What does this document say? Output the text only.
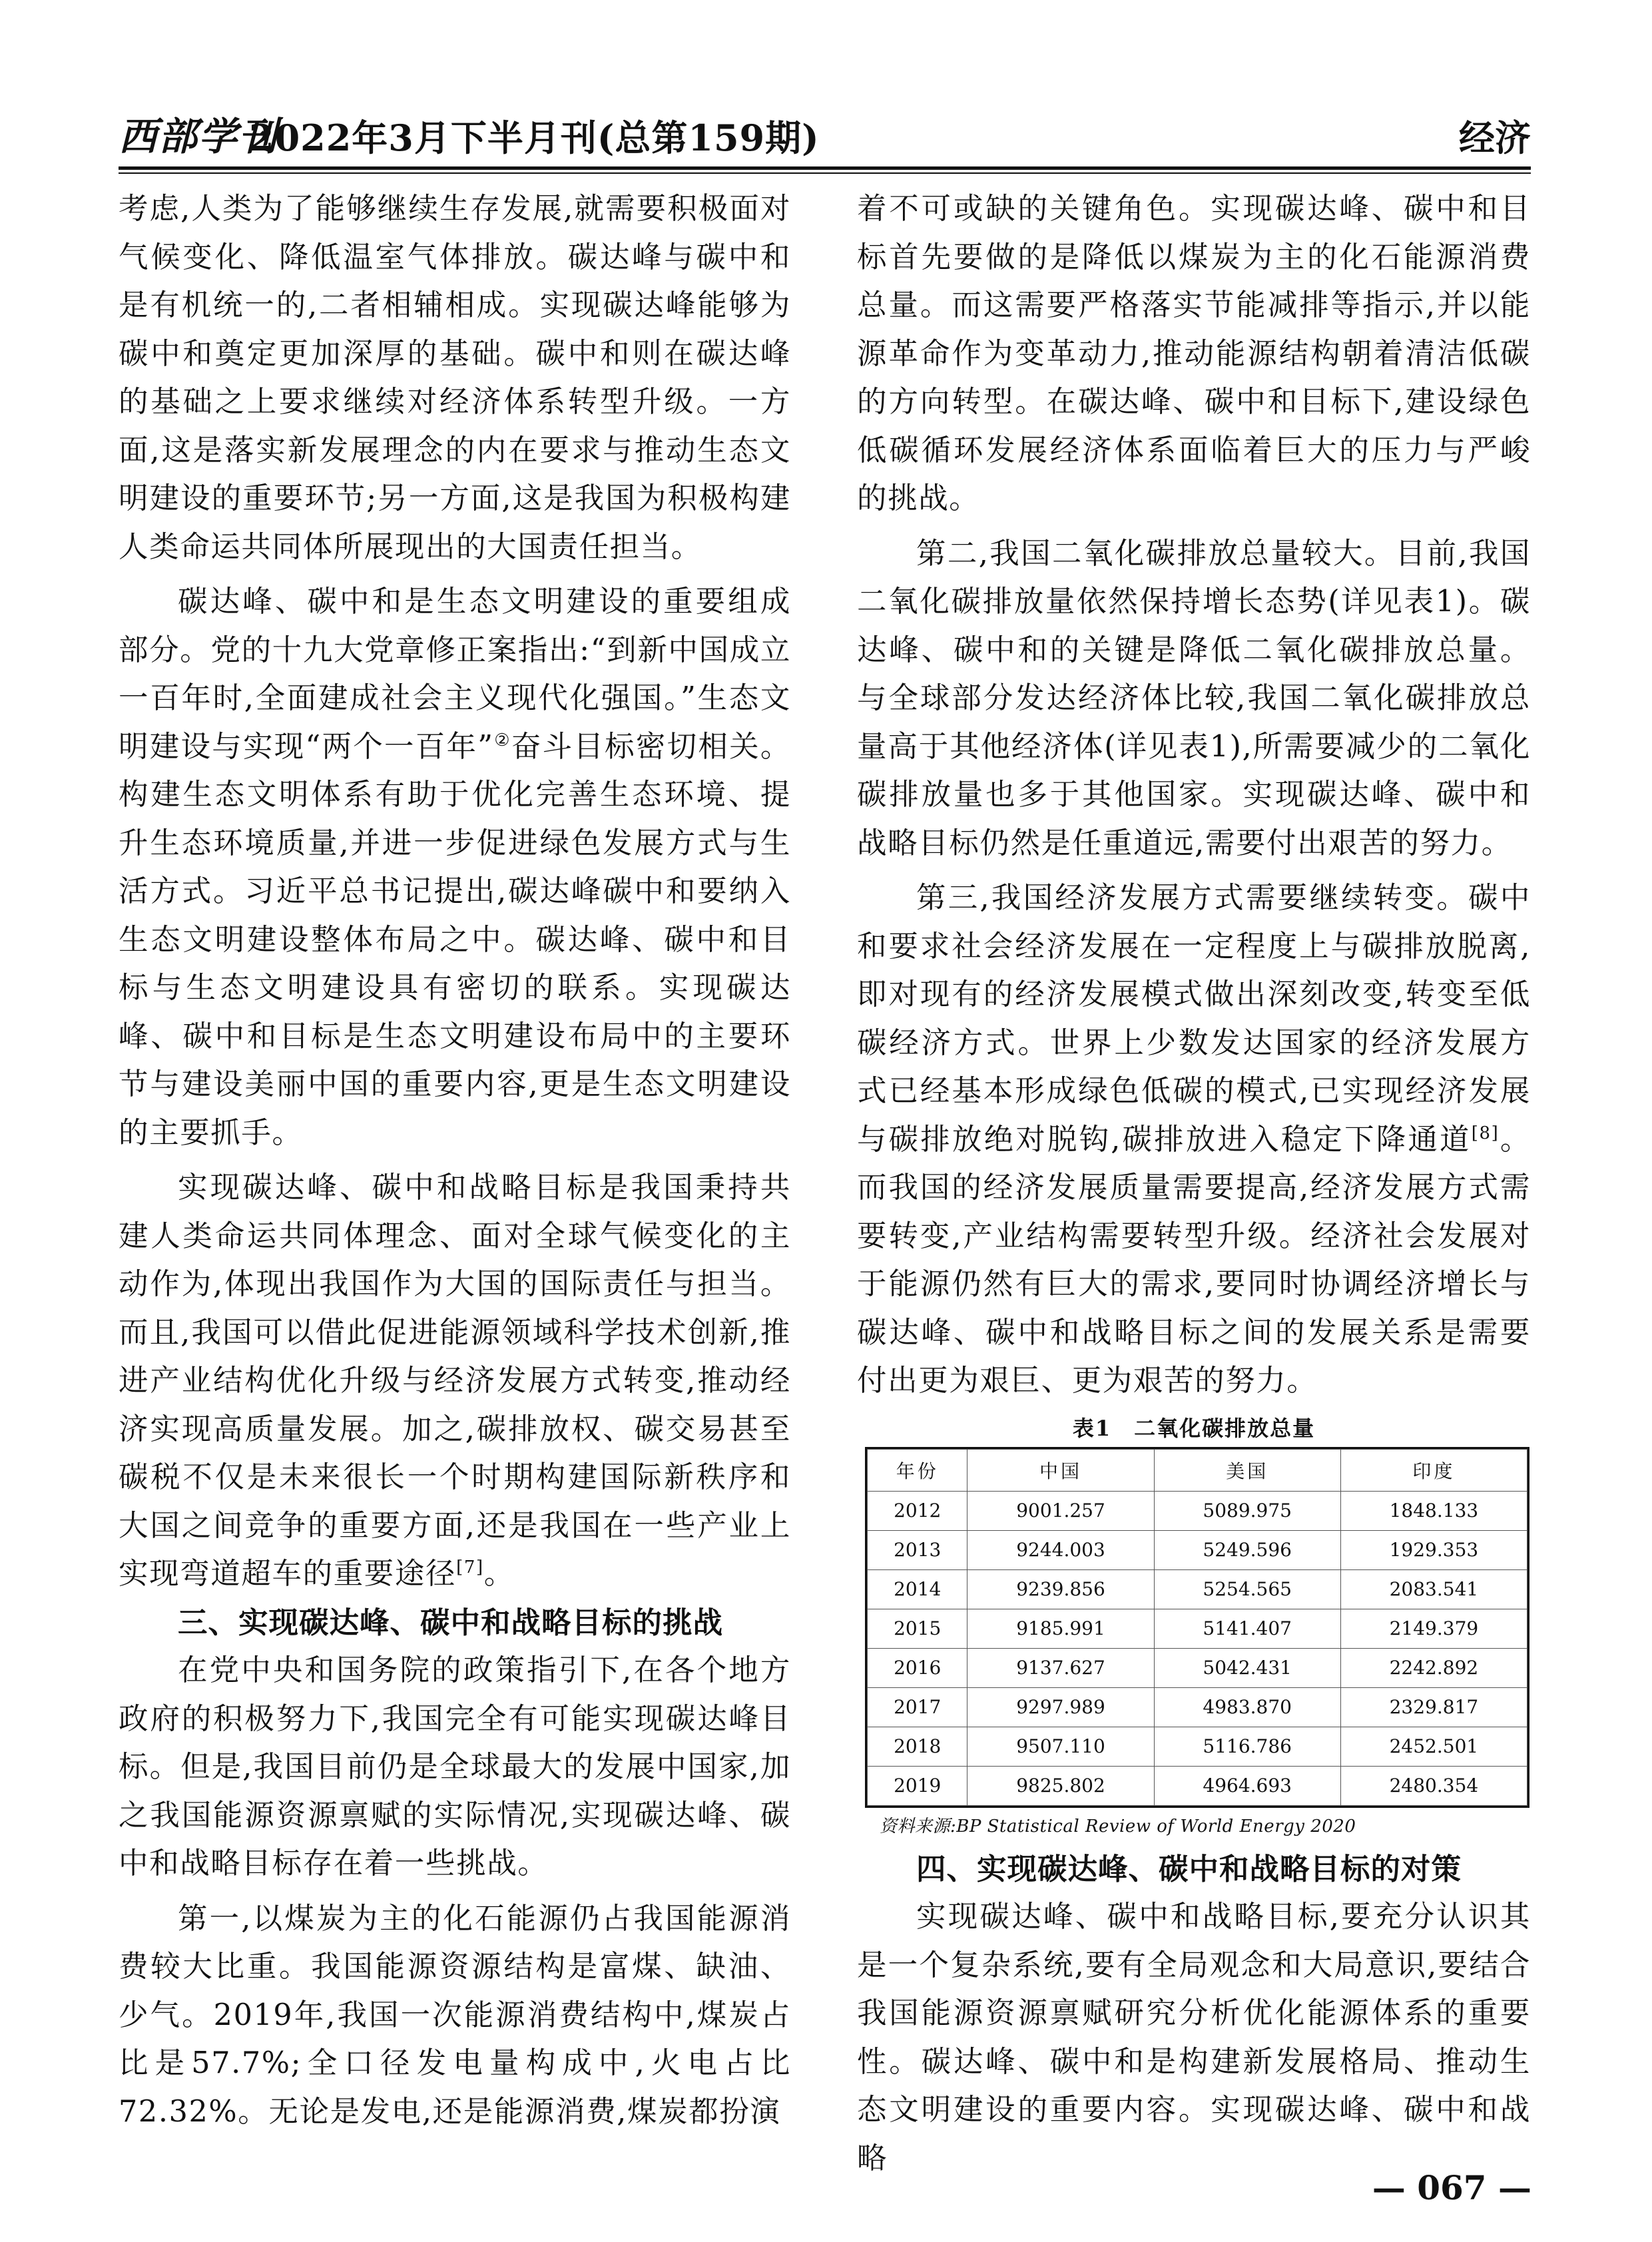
西部学刊
2022年3月下半月刊(总第159期)	经济

考虑,人类为了能够继续生存发展,就需要积极面对气候变化、降低温室气体排放。碳达峰与碳中和是有机统一的,二者相辅相成。实现碳达峰能够为碳中和奠定更加深厚的基础。碳中和则在碳达峰的基础之上要求继续对经济体系转型升级。一方面,这是落实新发展理念的内在要求与推动生态文明建设的重要环节;另一方面,这是我国为积极构建人类命运共同体所展现出的大国责任担当。

碳达峰、碳中和是生态文明建设的重要组成部分。党的十九大党章修正案指出:“到新中国成立一百年时,全面建成社会主义现代化强国。”生态文明建设与实现“两个一百年”②奋斗目标密切相关。构建生态文明体系有助于优化完善生态环境、提升生态环境质量,并进一步促进绿色发展方式与生活方式。习近平总书记提出,碳达峰碳中和要纳入生态文明建设整体布局之中。碳达峰、碳中和目标与生态文明建设具有密切的联系。实现碳达峰、碳中和目标是生态文明建设布局中的主要环节与建设美丽中国的重要内容,更是生态文明建设的主要抓手。

实现碳达峰、碳中和战略目标是我国秉持共建人类命运共同体理念、面对全球气候变化的主动作为,体现出我国作为大国的国际责任与担当。而且,我国可以借此促进能源领域科学技术创新,推进产业结构优化升级与经济发展方式转变,推动经济实现高质量发展。加之,碳排放权、碳交易甚至碳税不仅是未来很长一个时期构建国际新秩序和大国之间竞争的重要方面,还是我国在一些产业上实现弯道超车的重要途径[7]。

三、实现碳达峰、碳中和战略目标的挑战

在党中央和国务院的政策指引下,在各个地方政府的积极努力下,我国完全有可能实现碳达峰目标。但是,我国目前仍是全球最大的发展中国家,加之我国能源资源禀赋的实际情况,实现碳达峰、碳中和战略目标存在着一些挑战。

第一,以煤炭为主的化石能源仍占我国能源消费较大比重。我国能源资源结构是富煤、缺油、少气。2019年,我国一次能源消费结构中,煤炭占比是57.7%;全口径发电量构成中,火电占比72.32%。无论是发电,还是能源消费,煤炭都扮演

着不可或缺的关键角色。实现碳达峰、碳中和目标首先要做的是降低以煤炭为主的化石能源消费总量。而这需要严格落实节能减排等指示,并以能源革命作为变革动力,推动能源结构朝着清洁低碳的方向转型。在碳达峰、碳中和目标下,建设绿色低碳循环发展经济体系面临着巨大的压力与严峻的挑战。

第二,我国二氧化碳排放总量较大。目前,我国二氧化碳排放量依然保持增长态势(详见表1)。碳达峰、碳中和的关键是降低二氧化碳排放总量。与全球部分发达经济体比较,我国二氧化碳排放总量高于其他经济体(详见表1),所需要减少的二氧化碳排放量也多于其他国家。实现碳达峰、碳中和战略目标仍然是任重道远,需要付出艰苦的努力。

第三,我国经济发展方式需要继续转变。碳中和要求社会经济发展在一定程度上与碳排放脱离,即对现有的经济发展模式做出深刻改变,转变至低碳经济方式。世界上少数发达国家的经济发展方式已经基本形成绿色低碳的模式,已实现经济发展与碳排放绝对脱钩,碳排放进入稳定下降通道[8]。而我国的经济发展质量需要提高,经济发展方式需要转变,产业结构需要转型升级。经济社会发展对于能源仍然有巨大的需求,要同时协调经济增长与碳达峰、碳中和战略目标之间的发展关系是需要付出更为艰巨、更为艰苦的努力。

表1　二氧化碳排放总量
年份	中国	美国	印度
2012	9001.257	5089.975	1848.133
2013	9244.003	5249.596	1929.353
2014	9239.856	5254.565	2083.541
2015	9185.991	5141.407	2149.379
2016	9137.627	5042.431	2242.892
2017	9297.989	4983.870	2329.817
2018	9507.110	5116.786	2452.501
2019	9825.802	4964.693	2480.354
资料来源:BP Statistical Review of World Energy 2020
四、实现碳达峰、碳中和战略目标的对策

实现碳达峰、碳中和战略目标,要充分认识其是一个复杂系统,要有全局观念和大局意识,要结合我国能源资源禀赋研究分析优化能源体系的重要性。碳达峰、碳中和是构建新发展格局、推动生态文明建设的重要内容。实现碳达峰、碳中和战略

— 067 —
